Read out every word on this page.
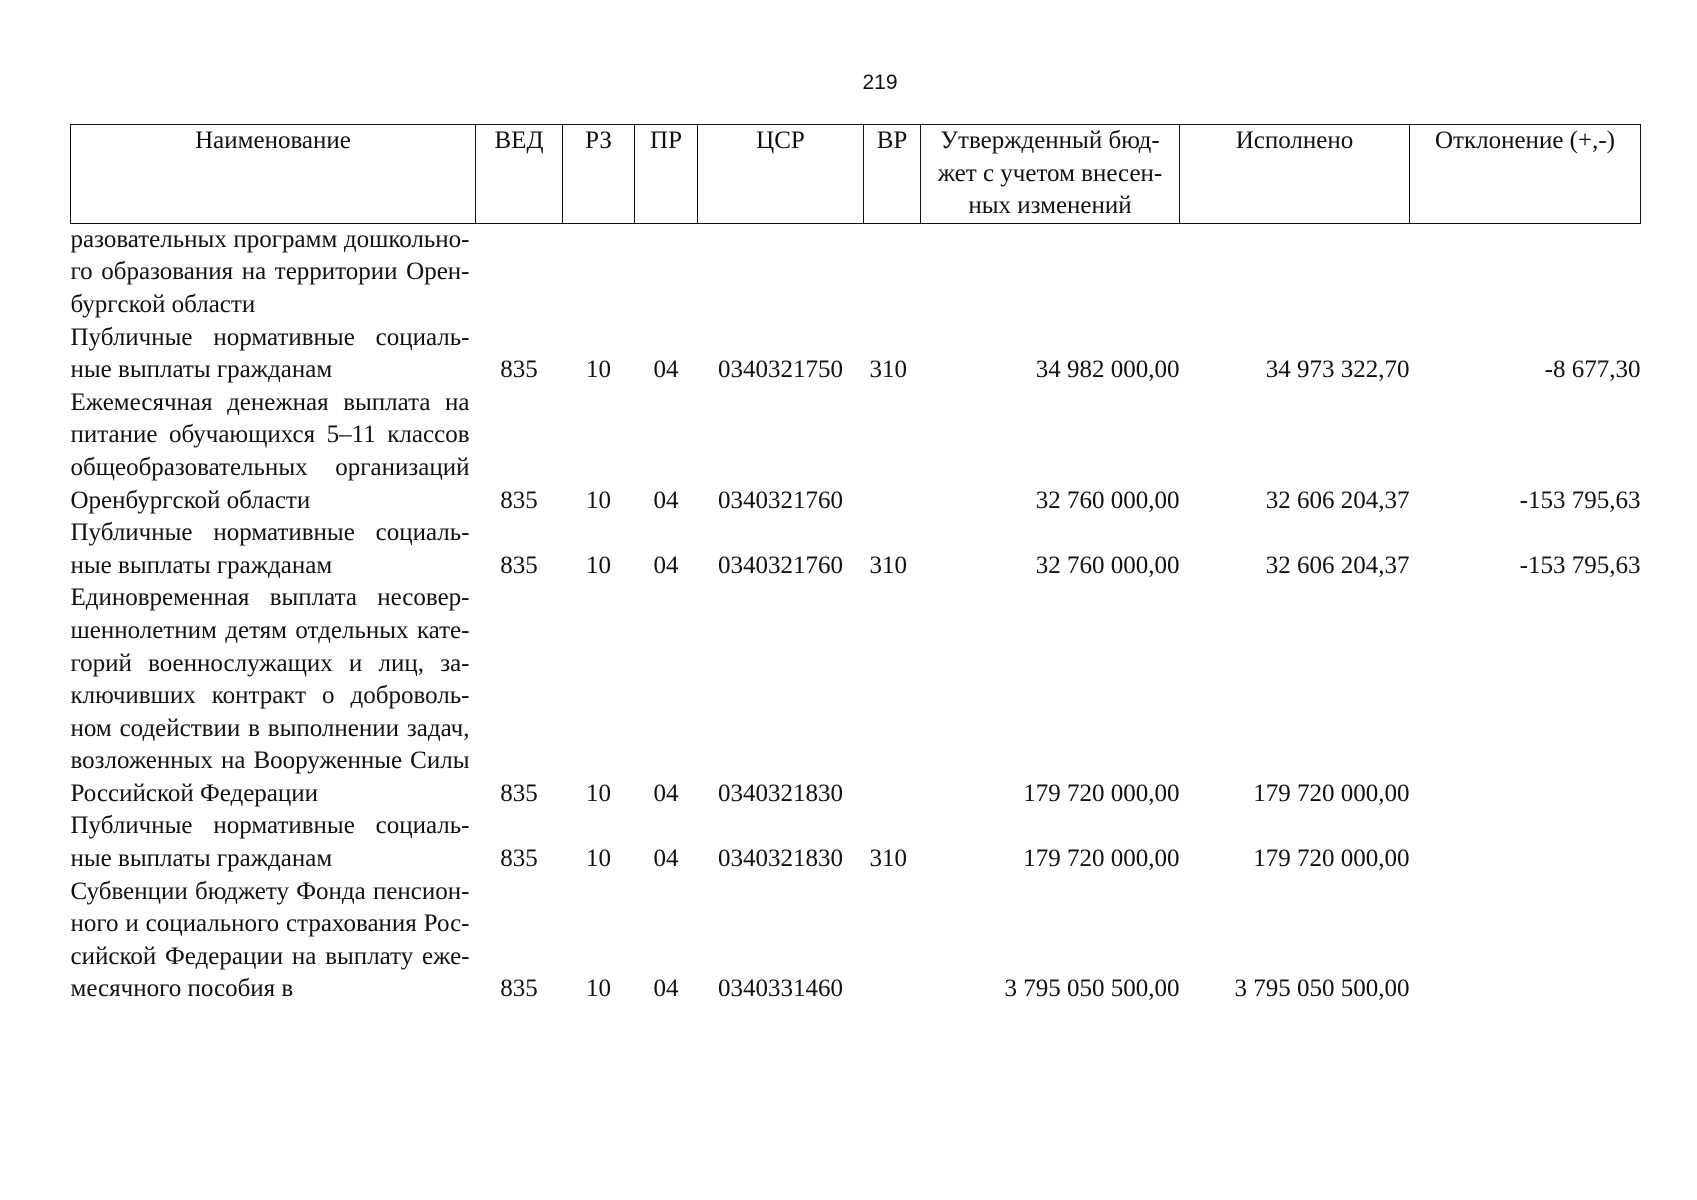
219
Наименование	ВЕД	РЗ	ПР	ЦСР	ВР	Утвержденный бюд-
жет с учетом внесен-
ных изменений	Исполнено	Отклонение (+,-)
разовательных программ дошкольного образования на территории Оренбургской области								
Публичные нормативные социальные выплаты гражданам	835	10	04	0340321750	310	34 982 000,00	34 973 322,70	-8 677,30
Ежемесячная денежная выплата на питание обучающихся 5–11 классов общеобразовательных организаций Оренбургской области	835	10	04	0340321760		32 760 000,00	32 606 204,37	-153 795,63
Публичные нормативные социальные выплаты гражданам	835	10	04	0340321760	310	32 760 000,00	32 606 204,37	-153 795,63
Единовременная выплата несовершеннолетним детям отдельных категорий военнослужащих и лиц, заключивших контракт о добровольном содействии в выполнении задач, возложенных на Вооруженные Силы Российской Федерации	835	10	04	0340321830		179 720 000,00	179 720 000,00	
Публичные нормативные социальные выплаты гражданам	835	10	04	0340321830	310	179 720 000,00	179 720 000,00	
Субвенции бюджету Фонда пенсионного и социального страхования Российской Федерации на выплату ежемесячного пособия в	835	10	04	0340331460		3 795 050 500,00	3 795 050 500,00	
